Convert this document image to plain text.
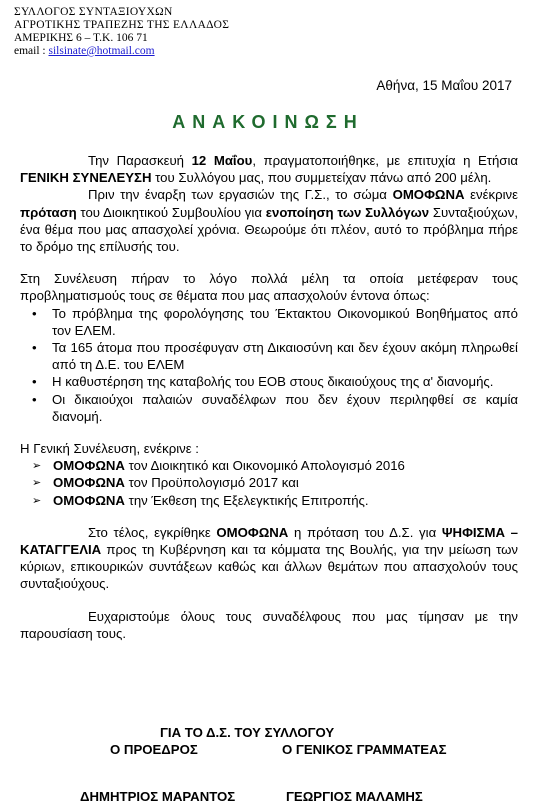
ΣΥΛΛΟΓΟΣ ΣΥΝΤΑΞΙΟΥΧΩΝ
ΑΓΡΟΤΙΚΗΣ ΤΡΑΠΕΖΗΣ ΤΗΣ ΕΛΛΑΔΟΣ
ΑΜΕΡΙΚΗΣ 6 – Τ.Κ. 106 71
email : silsinate@hotmail.com
Αθήνα, 15 Μαΐου 2017
ΑΝΑΚΟΙΝΩΣΗ

Την Παρασκευή 12 Μαΐου, πραγματοποιήθηκε, με επιτυχία η Ετήσια ΓΕΝΙΚΗ ΣΥΝΕΛΕΥΣΗ του Συλλόγου μας, που συμμετείχαν πάνω από 200 μέλη.

Πριν την έναρξη των εργασιών της Γ.Σ., το σώμα ΟΜΟΦΩΝΑ ενέκρινε πρόταση του Διοικητικού Συμβουλίου για ενοποίηση των Συλλόγων Συνταξιούχων, ένα θέμα που μας απασχολεί χρόνια. Θεωρούμε ότι πλέον, αυτό το πρόβλημα πήρε το δρόμο της επίλυσής του.

Στη Συνέλευση πήραν το λόγο πολλά μέλη τα οποία μετέφεραν τους προβληματισμούς τους σε θέματα που μας απασχολούν έντονα όπως:

• Το πρόβλημα της φορολόγησης του Έκτακτου Οικονομικού Βοηθήματος από τον ΕΛΕΜ.
• Τα 165 άτομα που προσέφυγαν στη Δικαιοσύνη και δεν έχουν ακόμη πληρωθεί από τη Δ.Ε. του ΕΛΕΜ
• Η καθυστέρηση της καταβολής του ΕΟΒ στους δικαιούχους της α' διανομής.
• Οι δικαιούχοι παλαιών συναδέλφων που δεν έχουν περιληφθεί σε καμία διανομή.

Η Γενική Συνέλευση, ενέκρινε :

➢ ΟΜΟΦΩΝΑ τον Διοικητικό και Οικονομικό Απολογισμό 2016
➢ ΟΜΟΦΩΝΑ τον Προϋπολογισμό 2017 και
➢ ΟΜΟΦΩΝΑ την Έκθεση της Εξελεγκτικής Επιτροπής.

Στο τέλος, εγκρίθηκε ΟΜΟΦΩΝΑ η πρόταση του Δ.Σ. για ΨΗΦΙΣΜΑ – ΚΑΤΑΓΓΕΛΙΑ προς τη Κυβέρνηση και τα κόμματα της Βουλής, για την μείωση των κύριων, επικουρικών συντάξεων καθώς και άλλων θεμάτων που απασχολούν τους συνταξιούχους.

Ευχαριστούμε όλους τους συναδέλφους που μας τίμησαν με την παρουσίαση τους.

ΓΙΑ ΤΟ Δ.Σ. ΤΟΥ ΣΥΛΛΟΓΟΥ
Ο ΠΡΟΕΔΡΟΣ	Ο ΓΕΝΙΚΟΣ ΓΡΑΜΜΑΤΕΑΣ
ΔΗΜΗΤΡΙΟΣ ΜΑΡΑΝΤΟΣ	ΓΕΩΡΓΙΟΣ ΜΑΛΑΜΗΣ
